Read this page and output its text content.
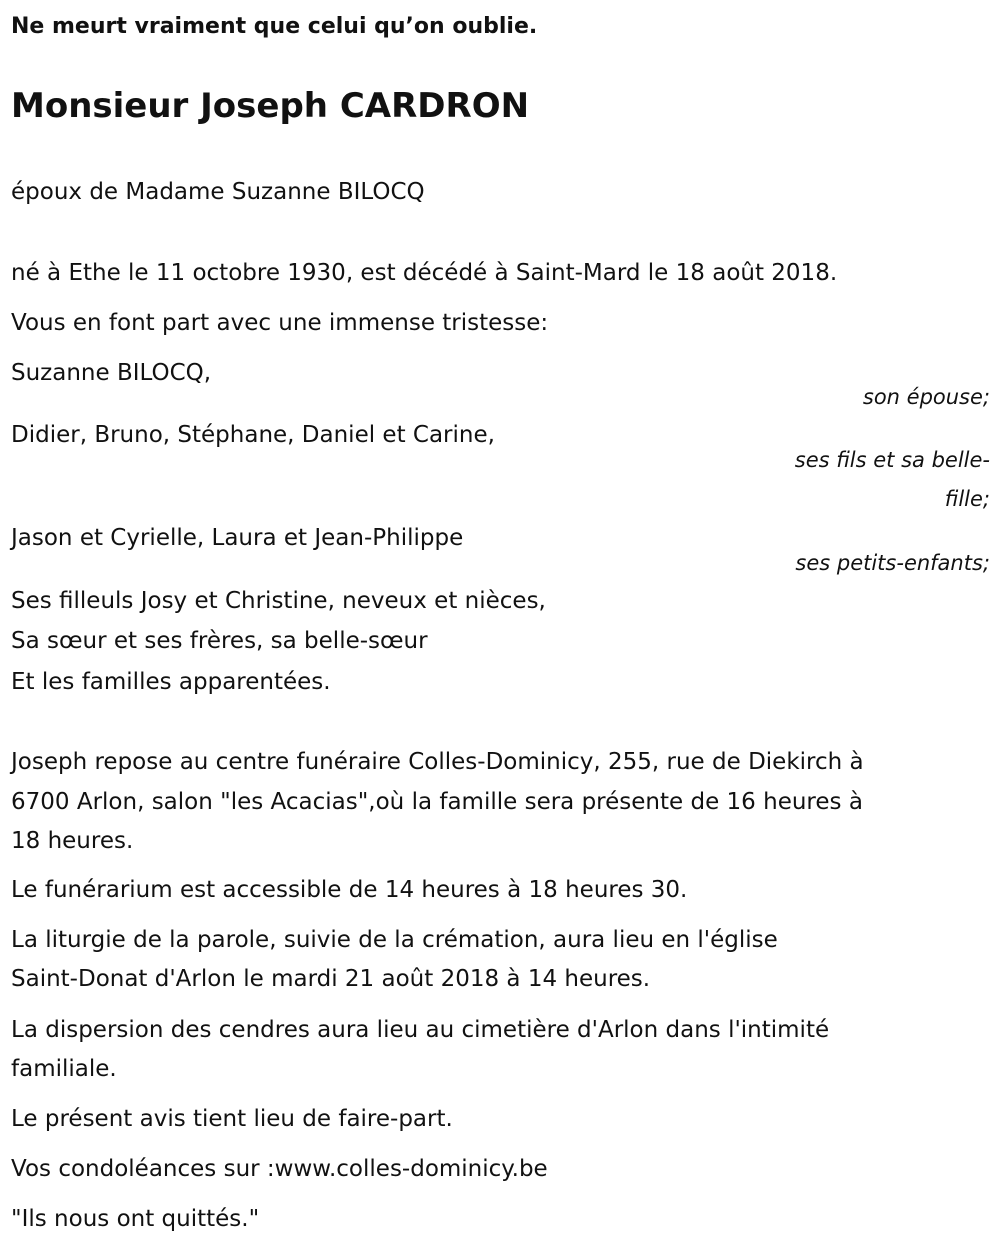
Ne meurt vraiment que celui qu’on oublie.

Monsieur Joseph CARDRON

époux de Madame Suzanne BILOCQ

né à Ethe le 11 octobre 1930, est décédé à Saint-Mard le 18 août 2018.

Vous en font part avec une immense tristesse:

Suzanne BILOCQ,

son épouse;

Didier, Bruno, Stéphane, Daniel et Carine,

ses fils et sa belle-

fille;

Jason et Cyrielle, Laura et Jean-Philippe

ses petits-enfants;

Ses filleuls Josy et Christine, neveux et nièces,

Sa sœur et ses frères, sa belle-sœur

Et les familles apparentées.

Joseph repose au centre funéraire Colles-Dominicy, 255, rue de Diekirch à

6700 Arlon, salon "les Acacias",où la famille sera présente de 16 heures à

18 heures.

Le funérarium est accessible de 14 heures à 18 heures 30.

La liturgie de la parole, suivie de la crémation, aura lieu en l'église

Saint-Donat d'Arlon le mardi 21 août 2018 à 14 heures.

La dispersion des cendres aura lieu au cimetière d'Arlon dans l'intimité

familiale.

Le présent avis tient lieu de faire-part.

Vos condoléances sur :www.colles-dominicy.be

"Ils nous ont quittés."
